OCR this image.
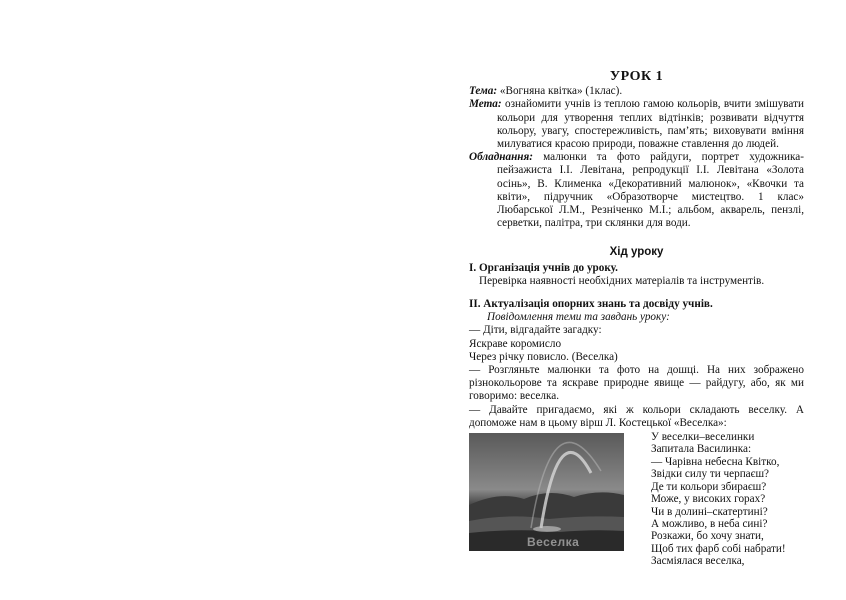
УРОК 1

Тема: «Вогняна квітка» (1клас).

Мета: ознайомити учнів із теплою гамою кольорів, вчити змішувати кольори для утворення теплих відтінків; розвивати відчуття кольору, увагу, спостережливість, пам’ять; виховувати вміння милуватися красою природи, поважне ставлення до людей.

Обладнання: малюнки та фото райдуги, портрет художника-пейзажиста І.І. Левітана, репродукції І.І. Левітана «Золота осінь», В. Клименка «Декоративний малюнок», «Квочки та квіти», підручник «Образотворче мистецтво. 1 клас» Любарської Л.М., Резніченко М.І.; альбом, акварель, пензлі, серветки, палітра, три склянки для води.

Хід уроку

І. Організація учнів до уроку.

Перевірка наявності необхідних матеріалів та інструментів.

ІІ. Актуалізація опорних знань та досвіду учнів.

Повідомлення теми та завдань уроку:

— Діти, відгадайте загадку:

Яскраве коромисло

Через річку повисло. (Веселка)

— Розгляньте малюнки та фото на дошці. На них зображено різнокольорове та яскраве природне явище — райдугу, або, як ми говоримо: веселка.

— Давайте пригадаємо, які ж кольори складають веселку. А допоможе нам в цьому вірш Л. Костецької «Веселка»:

Веселка
У веселки–веселинки
Запитала Василинка:
— Чарівна небесна Квітко,
Звідки силу ти черпаєш?
Де ти кольори збираєш?
Може, у високих горах?
Чи в долині–скатертині?
А можливо, в неба сині?
Розкажи, бо хочу знати,
Щоб тих фарб собі набрати!
Засміялася веселка,
